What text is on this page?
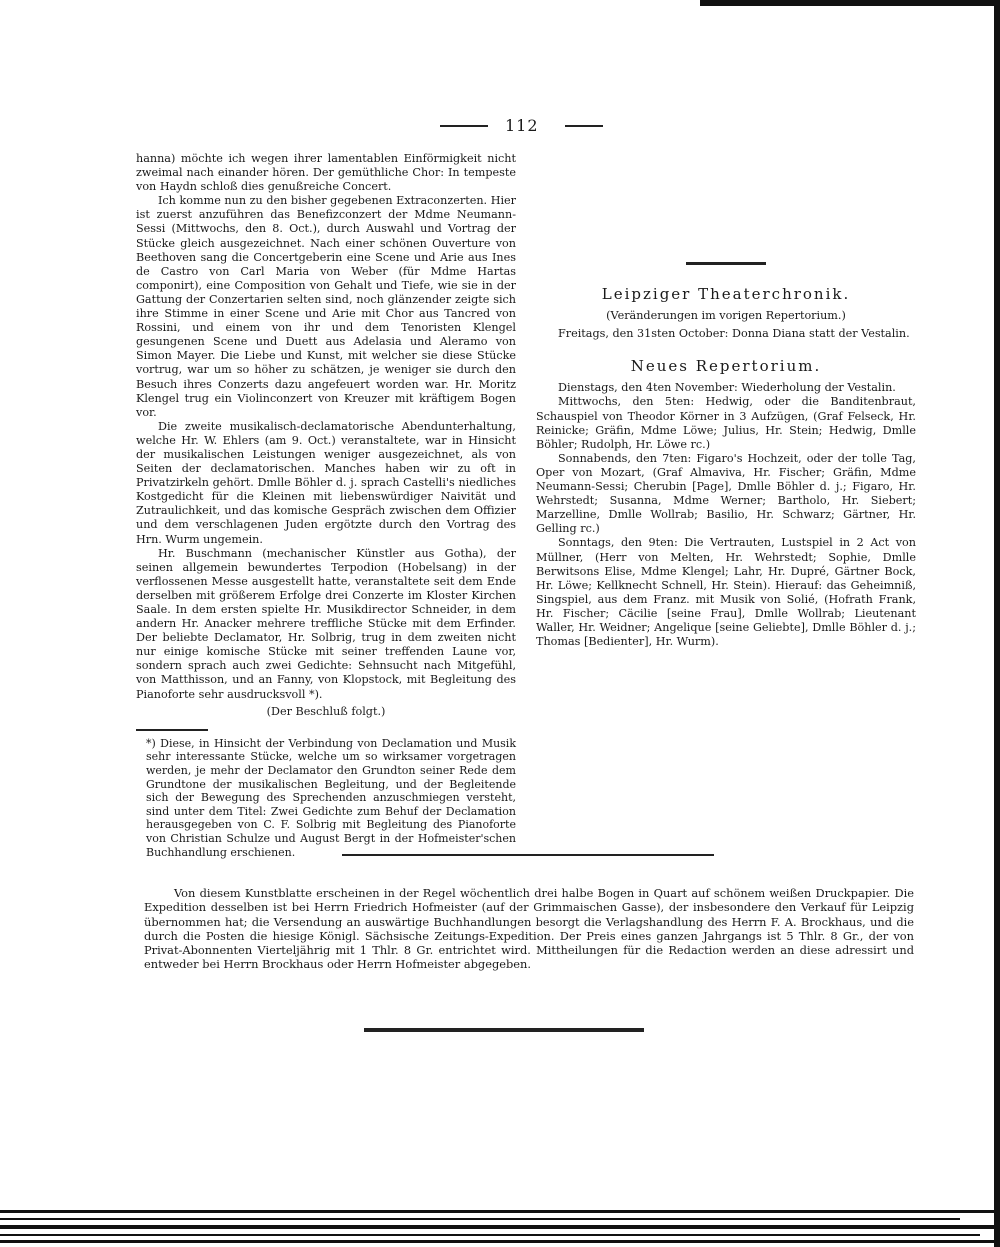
112

hanna) möchte ich wegen ihrer lamentablen Einförmigkeit nicht zweimal nach einander hören. Der gemüthliche Chor: In tempeste von Haydn schloß dies genußreiche Concert.

Ich komme nun zu den bisher gegebenen Extraconzerten. Hier ist zuerst anzuführen das Benefizconzert der Mdme Neumann-Sessi (Mittwochs, den 8. Oct.), durch Auswahl und Vortrag der Stücke gleich ausgezeichnet. Nach einer schönen Ouverture von Beethoven sang die Concertgeberin eine Scene und Arie aus Ines de Castro von Carl Maria von Weber (für Mdme Hartas componirt), eine Composition von Gehalt und Tiefe, wie sie in der Gattung der Conzertarien selten sind, noch glänzender zeigte sich ihre Stimme in einer Scene und Arie mit Chor aus Tancred von Rossini, und einem von ihr und dem Tenoristen Klengel gesungenen Scene und Duett aus Adelasia und Aleramo von Simon Mayer. Die Liebe und Kunst, mit welcher sie diese Stücke vortrug, war um so höher zu schätzen, je weniger sie durch den Besuch ihres Conzerts dazu angefeuert worden war. Hr. Moritz Klengel trug ein Violinconzert von Kreuzer mit kräftigem Bogen vor.

Die zweite musikalisch-declamatorische Abendunterhaltung, welche Hr. W. Ehlers (am 9. Oct.) veranstaltete, war in Hinsicht der musikalischen Leistungen weniger ausgezeichnet, als von Seiten der declamatorischen. Manches haben wir zu oft in Privatzirkeln gehört. Dmlle Böhler d. j. sprach Castelli's niedliches Kostgedicht für die Kleinen mit liebenswürdiger Naivität und Zutraulichkeit, und das komische Gespräch zwischen dem Offizier und dem verschlagenen Juden ergötzte durch den Vortrag des Hrn. Wurm ungemein.

Hr. Buschmann (mechanischer Künstler aus Gotha), der seinen allgemein bewundertes Terpodion (Hobelsang) in der verflossenen Messe ausgestellt hatte, veranstaltete seit dem Ende derselben mit größerem Erfolge drei Conzerte im Kloster Kirchen Saale. In dem ersten spielte Hr. Musikdirector Schneider, in dem andern Hr. Anacker mehrere treffliche Stücke mit dem Erfinder. Der beliebte Declamator, Hr. Solbrig, trug in dem zweiten nicht nur einige komische Stücke mit seiner treffenden Laune vor, sondern sprach auch zwei Gedichte: Sehnsucht nach Mitgefühl, von Matthisson, und an Fanny, von Klopstock, mit Begleitung des Pianoforte sehr ausdrucksvoll *).

(Der Beschluß folgt.)

*) Diese, in Hinsicht der Verbindung von Declamation und Musik sehr interessante Stücke, welche um so wirksamer vorgetragen werden, je mehr der Declamator den Grundton seiner Rede dem Grundtone der musikalischen Begleitung, und der Begleitende sich der Bewegung des Sprechenden anzuschmiegen versteht, sind unter dem Titel: Zwei Gedichte zum Behuf der Declamation herausgegeben von C. F. Solbrig mit Begleitung des Pianoforte von Christian Schulze und August Bergt in der Hofmeister'schen Buchhandlung erschienen.

Leipziger Theaterchronik.
(Veränderungen im vorigen Repertorium.)

Freitags, den 31sten October: Donna Diana statt der Vestalin.

Neues Repertorium.

Dienstags, den 4ten November: Wiederholung der Vestalin.

Mittwochs, den 5ten: Hedwig, oder die Banditenbraut, Schauspiel von Theodor Körner in 3 Aufzügen, (Graf Felseck, Hr. Reinicke; Gräfin, Mdme Löwe; Julius, Hr. Stein; Hedwig, Dmlle Böhler; Rudolph, Hr. Löwe rc.)

Sonnabends, den 7ten: Figaro's Hochzeit, oder der tolle Tag, Oper von Mozart, (Graf Almaviva, Hr. Fischer; Gräfin, Mdme Neumann-Sessi; Cherubin [Page], Dmlle Böhler d. j.; Figaro, Hr. Wehrstedt; Susanna, Mdme Werner; Bartholo, Hr. Siebert; Marzelline, Dmlle Wollrab; Basilio, Hr. Schwarz; Gärtner, Hr. Gelling rc.)

Sonntags, den 9ten: Die Vertrauten, Lustspiel in 2 Act von Müllner, (Herr von Melten, Hr. Wehrstedt; Sophie, Dmlle Berwitsons Elise, Mdme Klengel; Lahr, Hr. Dupré, Gärtner Bock, Hr. Löwe; Kellknecht Schnell, Hr. Stein). Hierauf: das Geheimniß, Singspiel, aus dem Franz. mit Musik von Solié, (Hofrath Frank, Hr. Fischer; Cäcilie [seine Frau], Dmlle Wollrab; Lieutenant Waller, Hr. Weidner; Angelique [seine Geliebte], Dmlle Böhler d. j.; Thomas [Bedienter], Hr. Wurm).

Von diesem Kunstblatte erscheinen in der Regel wöchentlich drei halbe Bogen in Quart auf schönem weißen Druckpapier. Die Expedition desselben ist bei Herrn Friedrich Hofmeister (auf der Grimmaischen Gasse), der insbesondere den Verkauf für Leipzig übernommen hat; die Versendung an auswärtige Buchhandlungen besorgt die Verlagshandlung des Herrn F. A. Brockhaus, und die durch die Posten die hiesige Königl. Sächsische Zeitungs-Expedition. Der Preis eines ganzen Jahrgangs ist 5 Thlr. 8 Gr., der von Privat-Abonnenten Vierteljährig mit 1 Thlr. 8 Gr. entrichtet wird. Mittheilungen für die Redaction werden an diese adressirt und entweder bei Herrn Brockhaus oder Herrn Hofmeister abgegeben.
